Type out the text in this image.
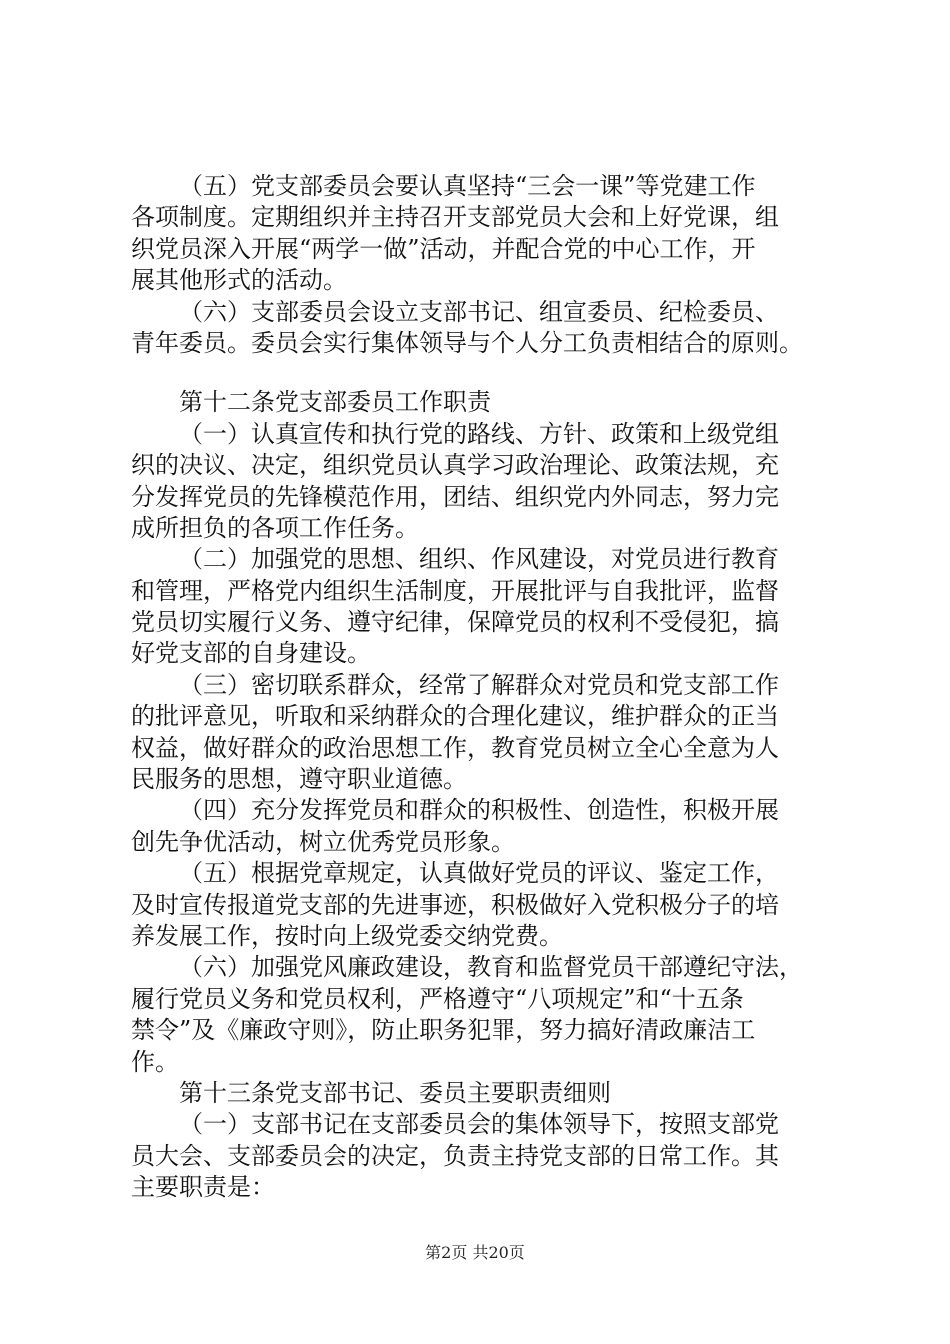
（五）党支部委员会要认真坚持“三会一课”等党建工作
各项制度。定期组织并主持召开支部党员大会和上好党课，组
织党员深入开展“两学一做”活动，并配合党的中心工作，开
展其他形式的活动。
（六）支部委员会设立支部书记、组宣委员、纪检委员、
青年委员。委员会实行集体领导与个人分工负责相结合的原则。
第十二条党支部委员工作职责
（一）认真宣传和执行党的路线、方针、政策和上级党组
织的决议、决定，组织党员认真学习政治理论、政策法规，充
分发挥党员的先锋模范作用，团结、组织党内外同志，努力完
成所担负的各项工作任务。
（二）加强党的思想、组织、作风建设，对党员进行教育
和管理，严格党内组织生活制度，开展批评与自我批评，监督
党员切实履行义务、遵守纪律，保障党员的权利不受侵犯，搞
好党支部的自身建设。
（三）密切联系群众，经常了解群众对党员和党支部工作
的批评意见，听取和采纳群众的合理化建议，维护群众的正当
权益，做好群众的政治思想工作，教育党员树立全心全意为人
民服务的思想，遵守职业道德。
（四）充分发挥党员和群众的积极性、创造性，积极开展
创先争优活动，树立优秀党员形象。
（五）根据党章规定，认真做好党员的评议、鉴定工作，
及时宣传报道党支部的先进事迹，积极做好入党积极分子的培
养发展工作，按时向上级党委交纳党费。
（六）加强党风廉政建设，教育和监督党员干部遵纪守法，
履行党员义务和党员权利，严格遵守“八项规定”和“十五条
禁令”及《廉政守则》，防止职务犯罪，努力搞好清政廉洁工
作。
第十三条党支部书记、委员主要职责细则
（一）支部书记在支部委员会的集体领导下，按照支部党
员大会、支部委员会的决定，负责主持党支部的日常工作。其
主要职责是：
第2页 共20页
